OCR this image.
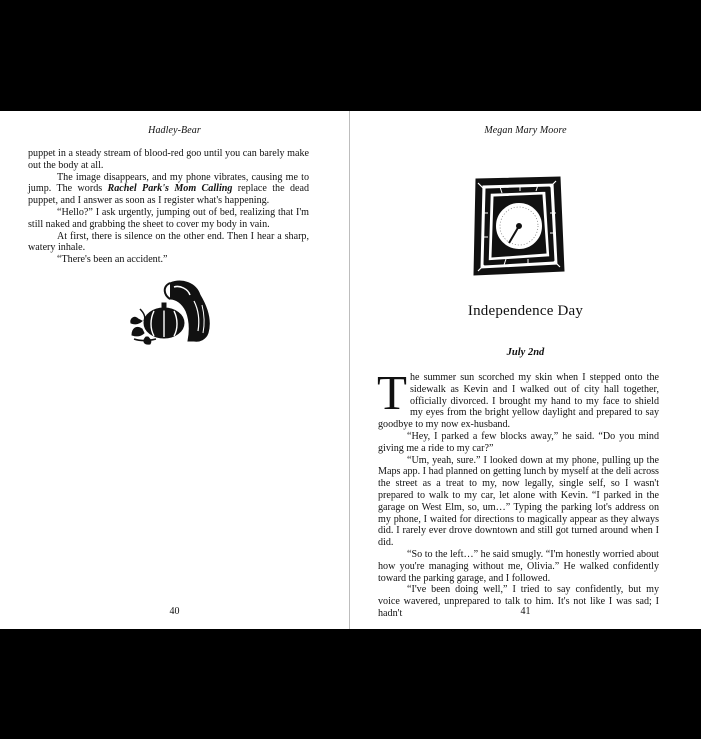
Hadley-Bear

puppet in a steady stream of blood-red goo until you can barely make out the body at all.

The image disappears, and my phone vibrates, causing me to jump. The words Rachel Park's Mom Calling replace the dead puppet, and I answer as soon as I register what's happening.

“Hello?” I ask urgently, jumping out of bed, realizing that I'm still naked and grabbing the sheet to cover my body in vain.

At first, there is silence on the other end. Then I hear a sharp, watery inhale.

“There's been an accident.”

40
Megan Mary Moore
Independence Day
July 2nd

The summer sun scorched my skin when I stepped onto the sidewalk as Kevin and I walked out of city hall together, officially divorced. I brought my hand to my face to shield my eyes from the bright yellow daylight and prepared to say goodbye to my now ex-husband.

“Hey, I parked a few blocks away,” he said. “Do you mind giving me a ride to my car?”

“Um, yeah, sure.” I looked down at my phone, pulling up the Maps app. I had planned on getting lunch by myself at the deli across the street as a treat to my, now legally, single self, so I wasn't prepared to walk to my car, let alone with Kevin. “I parked in the garage on West Elm, so, um…” Typing the parking lot's address on my phone, I waited for directions to magically appear as they always did. I rarely ever drove downtown and still got turned around when I did.

“So to the left…” he said smugly. “I'm honestly worried about how you're managing without me, Olivia.” He walked confidently toward the parking garage, and I followed.

“I've been doing well,” I tried to say confidently, but my voice wavered, unprepared to talk to him. It's not like I was sad; I hadn't	41
